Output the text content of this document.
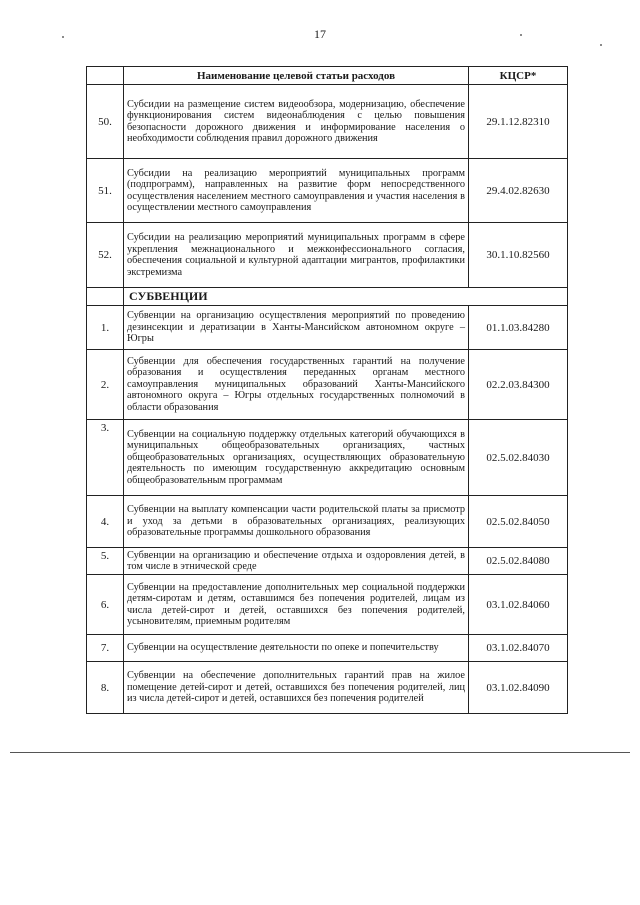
17
	Наименование целевой статьи расходов	КЦСР*
50.	Субсидии на размещение систем видеообзора, модернизацию, обеспечение функционирования систем видеонаблюдения с целью повышения безопасности дорожного движения и информирование населения о необходимости соблюдения правил дорожного движения	29.1.12.82310
51.	Субсидии на реализацию мероприятий муниципальных программ (подпрограмм), направленных на развитие форм непосредственного осуществления населением местного самоуправления и участия населения в осуществлении местного самоуправления	29.4.02.82630
52.	Субсидии на реализацию мероприятий муниципальных программ в сфере укрепления межнационального и межконфессионального согласия, обеспечения социальной и культурной адаптации мигрантов, профилактики экстремизма	30.1.10.82560
	СУБВЕНЦИИ	
1.	Субвенции на организацию осуществления мероприятий по проведению дезинсекции и дератизации в Ханты-Мансийском автономном округе – Югры	01.1.03.84280
2.	Субвенции для обеспечения государственных гарантий на получение образования и осуществления переданных органам местного самоуправления муниципальных образований Ханты-Мансийского автономного округа – Югры отдельных государственных полномочий в области образования	02.2.03.84300
3.	Субвенции на социальную поддержку отдельных категорий обучающихся в муниципальных общеобразовательных организациях, частных общеобразовательных организациях, осуществляющих образовательную деятельность по имеющим государственную аккредитацию основным общеобразовательным программам	02.5.02.84030
4.	Субвенции на выплату компенсации части родительской платы за присмотр и уход за детьми в образовательных организациях, реализующих образовательные программы дошкольного образования	02.5.02.84050
5.	Субвенции на организацию и обеспечение отдыха и оздоровления детей, в том числе в этнической среде	02.5.02.84080
6.	Субвенции на предоставление дополнительных мер социальной поддержки детям-сиротам и детям, оставшимся без попечения родителей, лицам из числа детей-сирот и детей, оставшихся без попечения родителей, усыновителям, приемным родителям	03.1.02.84060
7.	Субвенции на осуществление деятельности по опеке и попечительству	03.1.02.84070
8.	Субвенции на обеспечение дополнительных гарантий прав на жилое помещение детей-сирот и детей, оставшихся без попечения родителей, лиц из числа детей-сирот и детей, оставшихся без попечения родителей	03.1.02.84090
